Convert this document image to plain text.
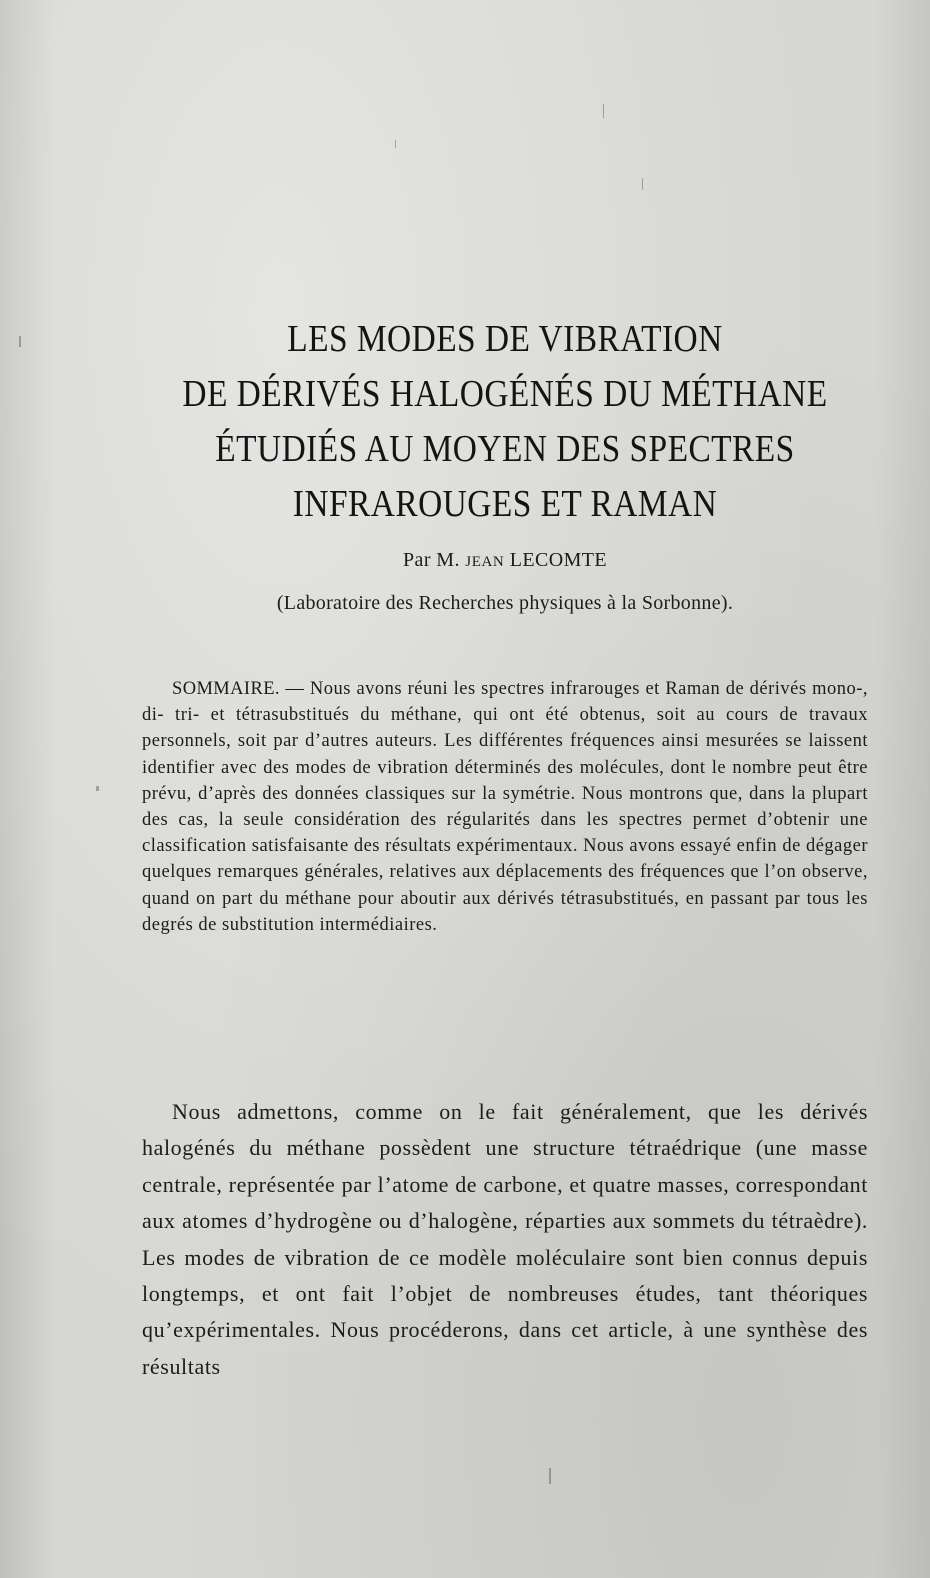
LES MODES DE VIBRATION
DE DÉRIVÉS HALOGÉNÉS DU MÉTHANE
ÉTUDIÉS AU MOYEN DES SPECTRES
INFRAROUGES ET RAMAN
Par M. JEAN LECOMTE
(Laboratoire des Recherches physiques à la Sorbonne).

SOMMAIRE. — Nous avons réuni les spectres infrarouges et Raman de dérivés mono-, di- tri- et tétrasubstitués du méthane, qui ont été obtenus, soit au cours de travaux personnels, soit par d’autres auteurs. Les différentes fréquences ainsi mesurées se laissent identifier avec des modes de vibration déterminés des molécules, dont le nombre peut être prévu, d’après des données classiques sur la symétrie. Nous montrons que, dans la plupart des cas, la seule considération des régularités dans les spectres permet d’obtenir une classification satisfaisante des résultats expérimentaux. Nous avons essayé enfin de dégager quelques remarques générales, relatives aux déplacements des fréquences que l’on observe, quand on part du méthane pour aboutir aux dérivés tétrasubstitués, en passant par tous les degrés de substitution intermédiaires.

Nous admettons, comme on le fait généralement, que les dérivés halogénés du méthane possèdent une structure tétraédrique (une masse centrale, représentée par l’atome de carbone, et quatre masses, correspondant aux atomes d’hydrogène ou d’halogène, réparties aux sommets du tétraèdre). Les modes de vibration de ce modèle moléculaire sont bien connus depuis longtemps, et ont fait l’objet de nombreuses études, tant théoriques qu’expérimentales. Nous procéderons, dans cet article, à une synthèse des résultats
